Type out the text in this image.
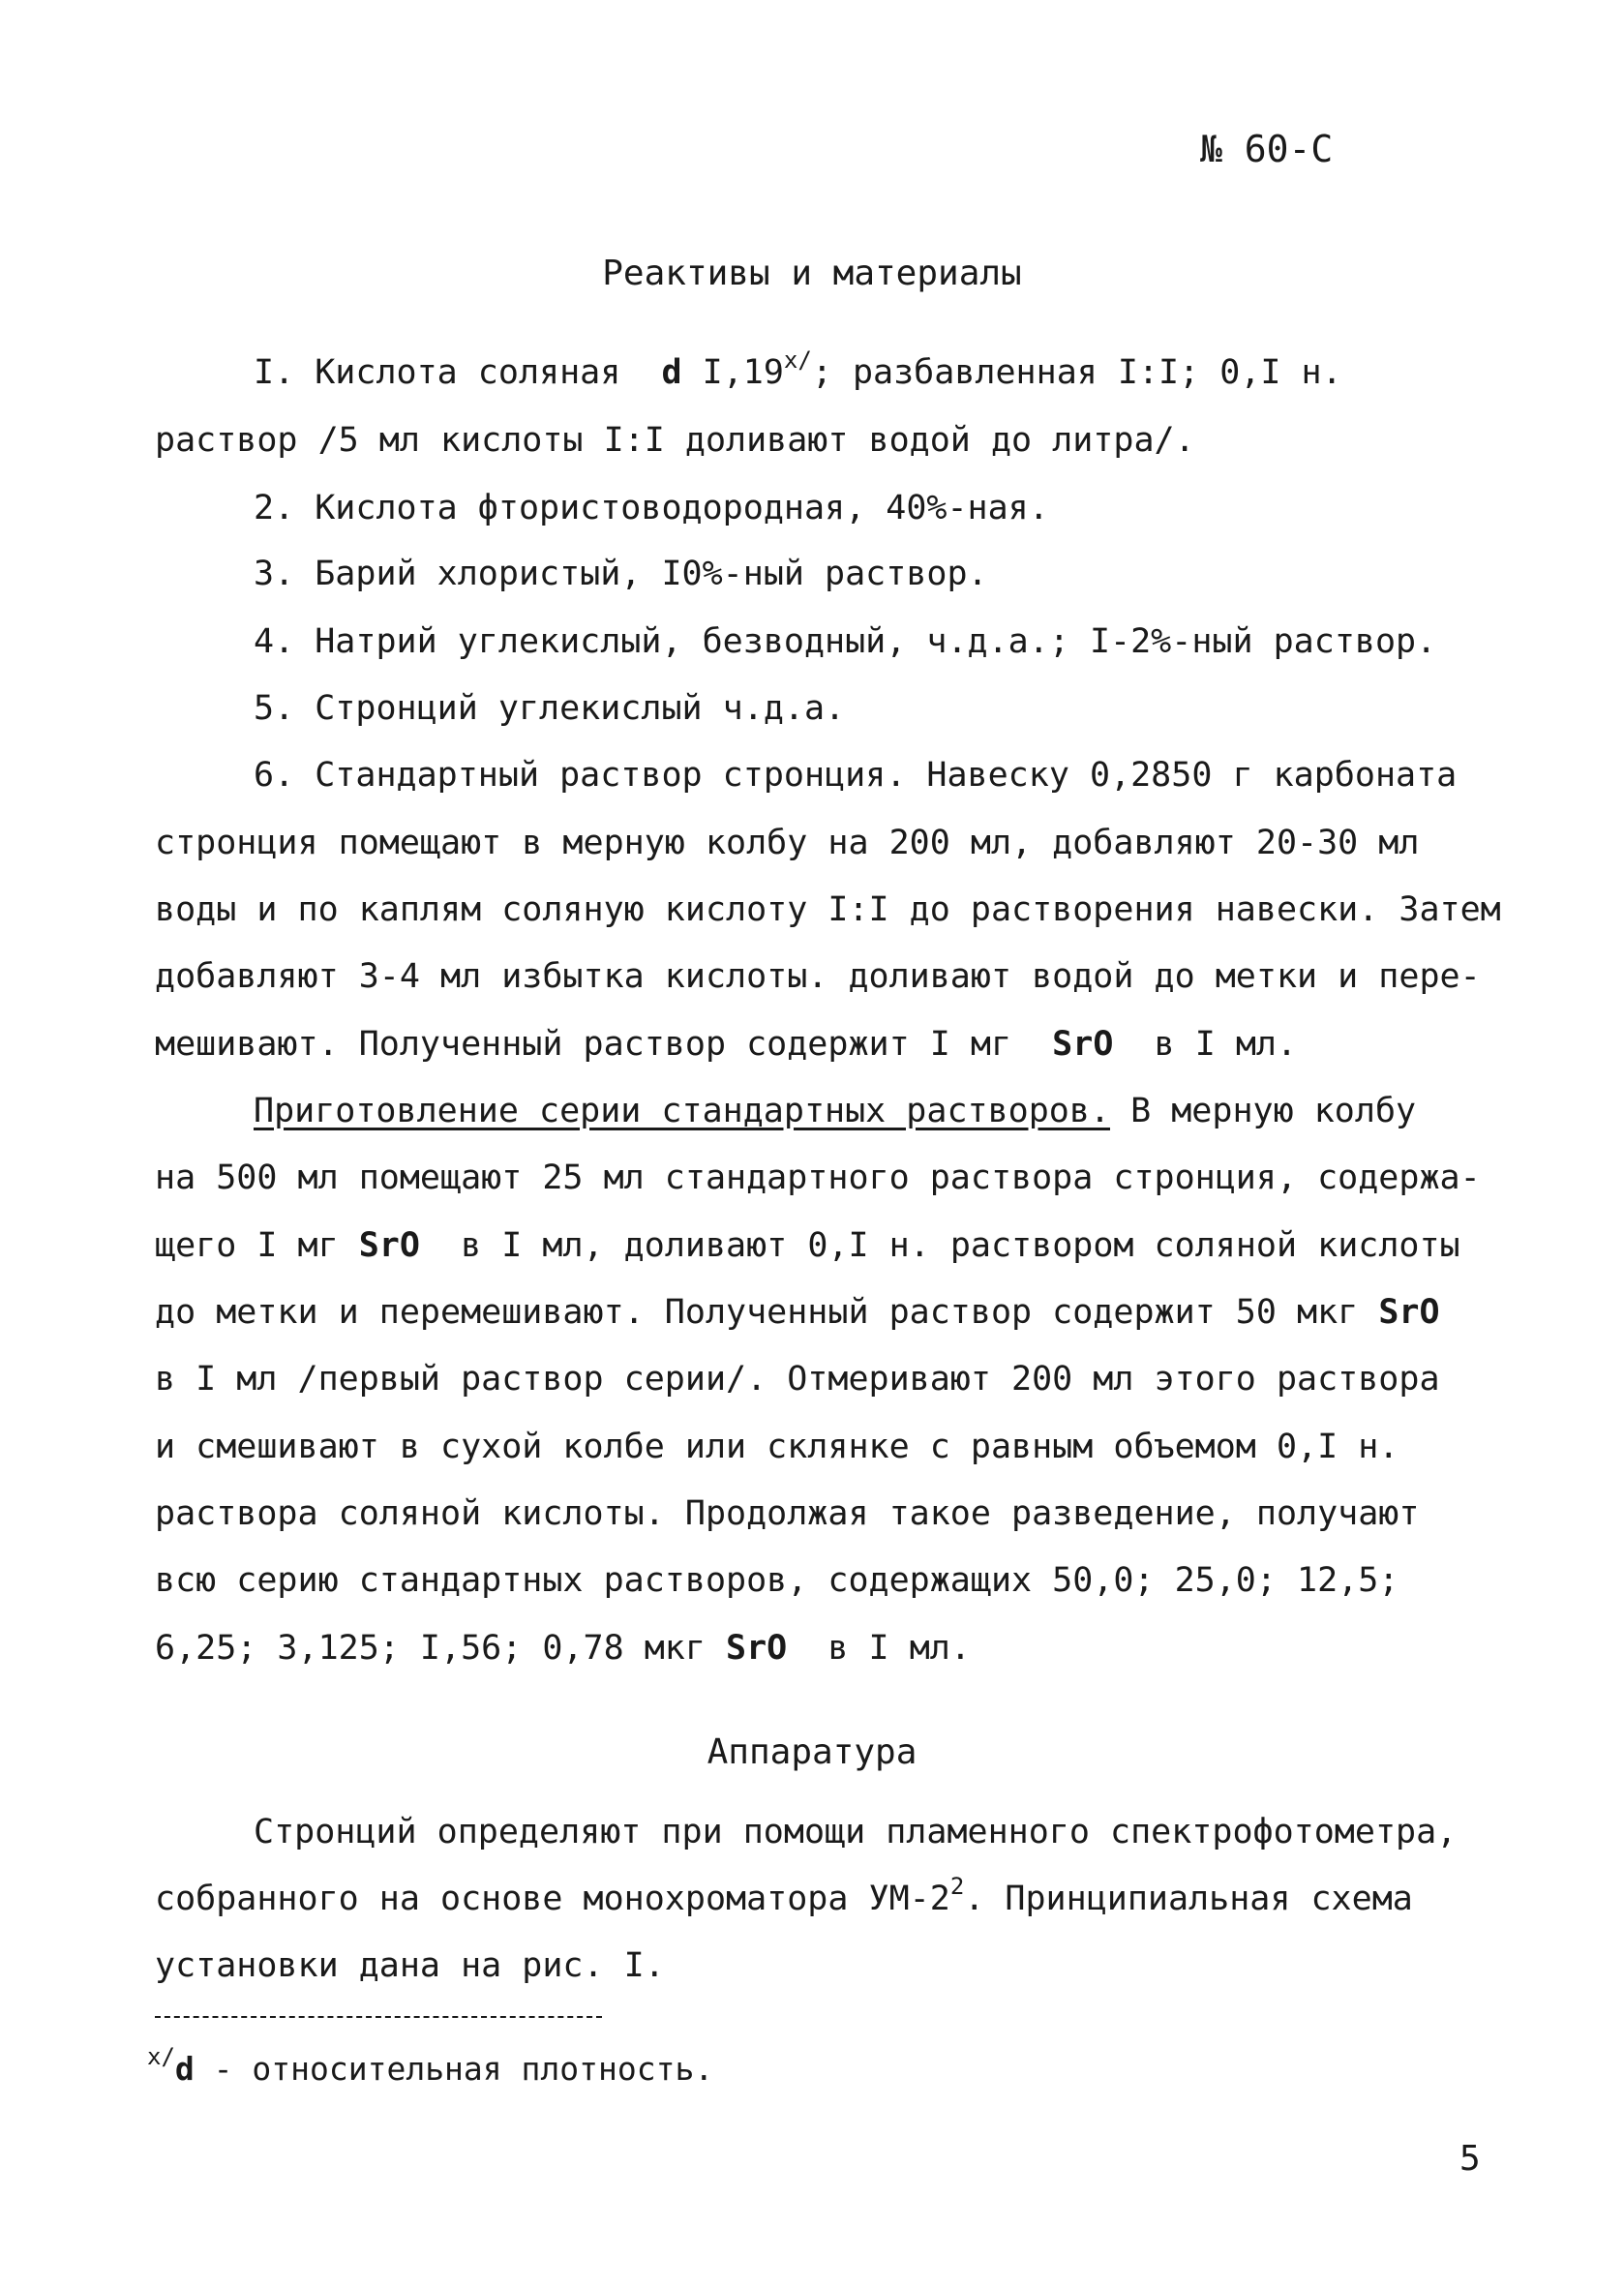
№ 60-С
Реактивы и материалы
I. Кислота соляная d $I,19^{x/}$; разбавленная I:I; 0,I н.
раствор /5 мл кислоты I:I доливают водой до литра/.
2. Кислота фтористоводородная, 40%-ная.
3. Барий хлористый, I0%-ный раствор.
4. Натрий углекислый, безводный, ч.д.а.; I-2%-ный раствор.
5. Стронций углекислый ч.д.а.
6. Стандартный раствор стронция. Навеску 0,2850 г карбоната
стронция помещают в мерную колбу на 200 мл, добавляют 20-30 мл
воды и по каплям соляную кислоту I:I до растворения навески. Затем
добавляют 3-4 мл избытка кислоты. доливают водой до метки и пере-
мешивают. Полученный раствор содержит I мг SrO в I мл.
Приготовление серии стандартных растворов. В мерную колбу
на 500 мл помещают 25 мл стандартного раствора стронция, содержа-
щего I мг SrO в I мл, доливают 0,I н. раствором соляной кислоты
до метки и перемешивают. Полученный раствор содержит 50 мкг SrO
в I мл /первый раствор серии/. Отмеривают 200 мл этого раствора
и смешивают в сухой колбе или склянке с равным объемом 0,I н.
раствора соляной кислоты. Продолжая такое разведение, получают
всю серию стандартных растворов, содержащих 50,0; 25,0; 12,5;
6,25; 3,125; I,56; 0,78 мкг SrO в I мл.
Аппаратура
Стронций определяют при помощи пламенного спектрофотометра,
собранного на основе монохроматора $УМ-2^2$. Принципиальная схема
установки дана на рис. I.
$^{x/}$d - относительная плотность.
5
